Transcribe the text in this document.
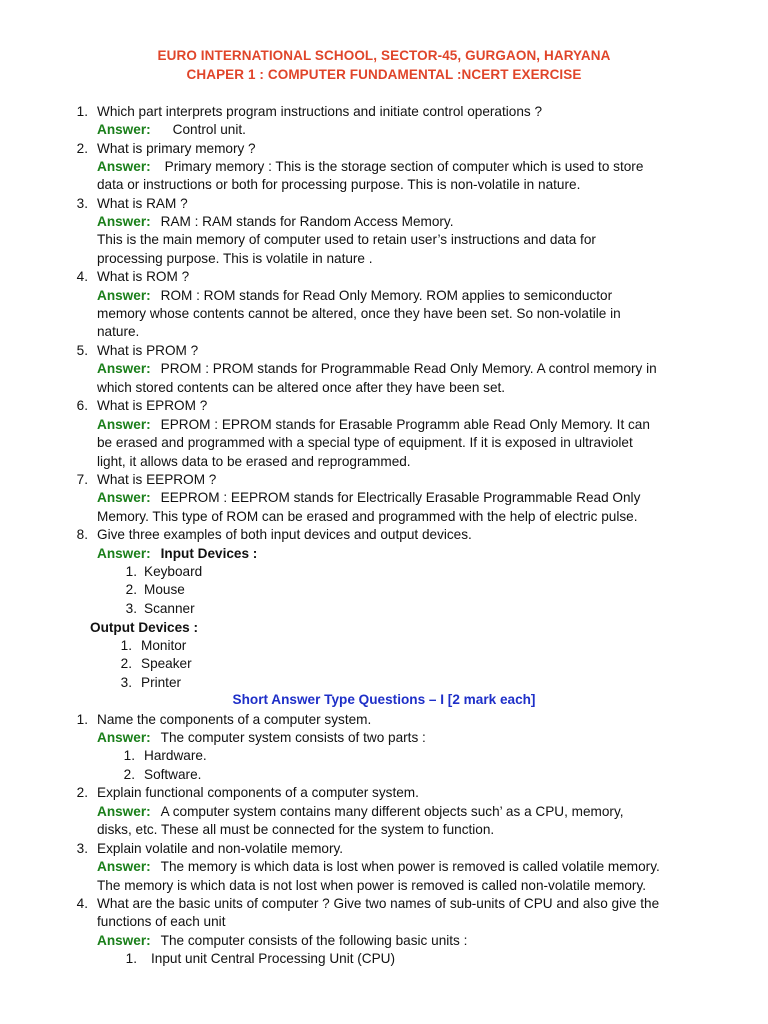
EURO INTERNATIONAL SCHOOL, SECTOR-45, GURGAON, HARYANA
CHAPER 1 : COMPUTER FUNDAMENTAL :NCERT EXERCISE
1. Which part interprets program instructions and initiate control operations ?
Answer: Control unit.
2. What is primary memory ?
Answer: Primary memory : This is the storage section of computer which is used to store
data or instructions or both for processing purpose. This is non-volatile in nature.
3. What is RAM ?
Answer: RAM : RAM stands for Random Access Memory.
This is the main memory of computer used to retain user’s instructions and data for
processing purpose. This is volatile in nature .
4. What is ROM ?
Answer: ROM : ROM stands for Read Only Memory. ROM applies to semiconductor
memory whose contents cannot be altered, once they have been set. So non-volatile in
nature.
5. What is PROM ?
Answer: PROM : PROM stands for Programmable Read Only Memory. A control memory in
which stored contents can be altered once after they have been set.
6. What is EPROM ?
Answer: EPROM : EPROM stands for Erasable Programm able Read Only Memory. It can
be erased and programmed with a special type of equipment. If it is exposed in ultraviolet
light, it allows data to be erased and reprogrammed.
7. What is EEPROM ?
Answer: EEPROM : EEPROM stands for Electrically Erasable Programmable Read Only
Memory. This type of ROM can be erased and programmed with the help of electric pulse.
8. Give three examples of both input devices and output devices.
Answer: Input Devices :
1. Keyboard
2. Mouse
3. Scanner
Output Devices :
1. Monitor
2. Speaker
3. Printer
Short Answer Type Questions – I [2 mark each]
1. Name the components of a computer system.
Answer: The computer system consists of two parts :
1. Hardware.
2. Software.
2. Explain functional components of a computer system.
Answer: A computer system contains many different objects such’ as a CPU, memory,
disks, etc. These all must be connected for the system to function.
3. Explain volatile and non-volatile memory.
Answer: The memory is which data is lost when power is removed is called volatile memory.
The memory is which data is not lost when power is removed is called non-volatile memory.
4. What are the basic units of computer ? Give two names of sub-units of CPU and also give the
functions of each unit
Answer: The computer consists of the following basic units :
1. Input unit Central Processing Unit (CPU)
